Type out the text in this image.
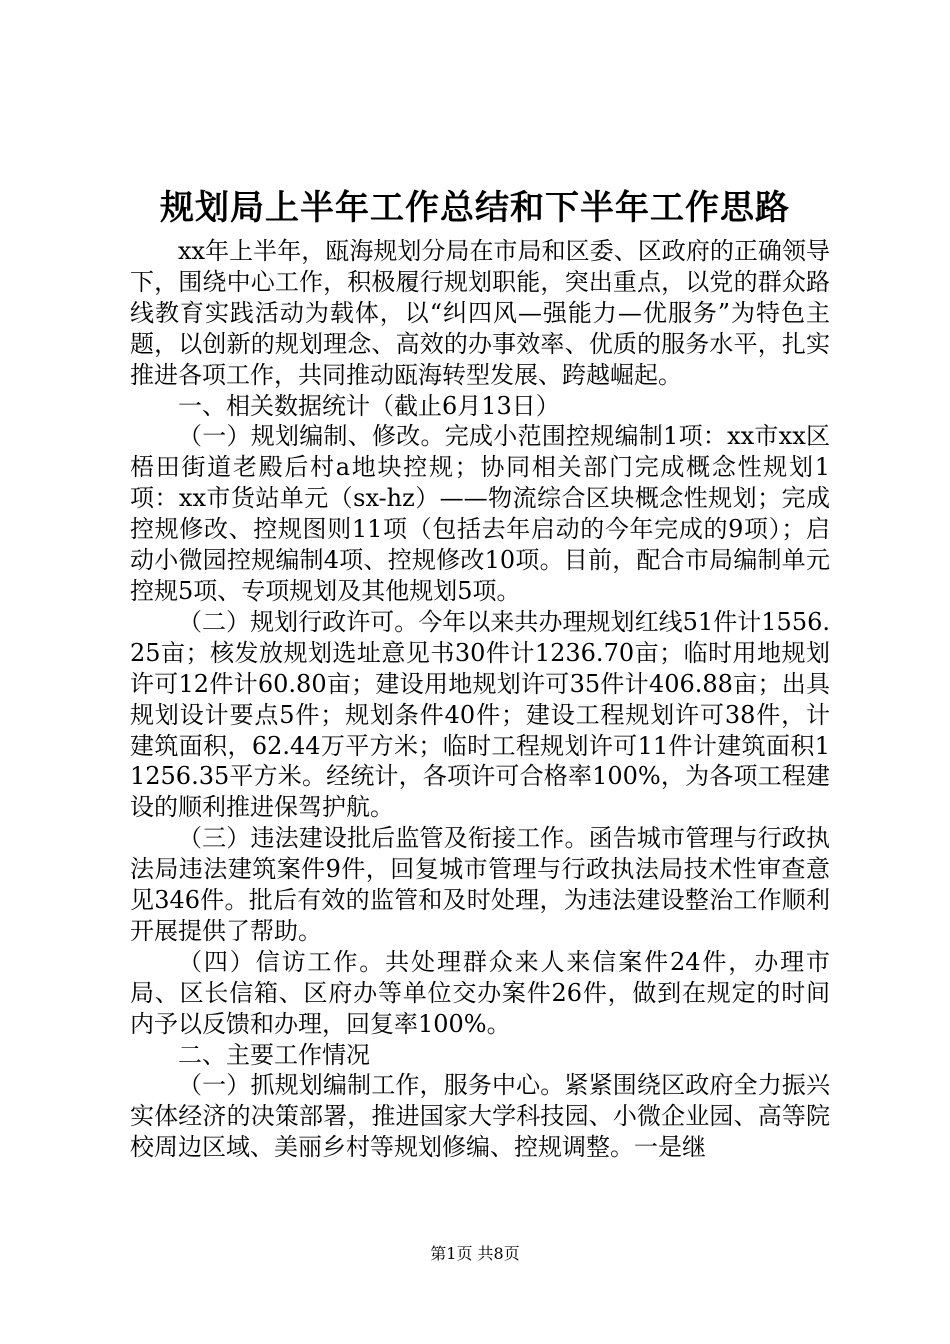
规划局上半年工作总结和下半年工作思路

xx年上半年，瓯海规划分局在市局和区委、区政府的正确领导下，围绕中心工作，积极履行规划职能，突出重点，以党的群众路线教育实践活动为载体，以“纠四风—强能力—优服务”为特色主题，以创新的规划理念、高效的办事效率、优质的服务水平，扎实推进各项工作，共同推动瓯海转型发展、跨越崛起。

一、相关数据统计（截止6月13日）

（一）规划编制、修改。完成小范围控规编制1项：xx市xx区梧田街道老殿后村a地块控规；协同相关部门完成概念性规划1项：xx市货站单元（sx-hz）——物流综合区块概念性规划；完成控规修改、控规图则11项（包括去年启动的今年完成的9项）；启动小微园控规编制4项、控规修改10项。目前，配合市局编制单元控规5项、专项规划及其他规划5项。

（二）规划行政许可。今年以来共办理规划红线51件计1556.25亩；核发放规划选址意见书30件计1236.70亩；临时用地规划许可12件计60.80亩；建设用地规划许可35件计406.88亩；出具规划设计要点5件；规划条件40件；建设工程规划许可38件，计建筑面积，62.44万平方米；临时工程规划许可11件计建筑面积11256.35平方米。经统计，各项许可合格率100%，为各项工程建设的顺利推进保驾护航。

（三）违法建设批后监管及衔接工作。函告城市管理与行政执法局违法建筑案件9件，回复城市管理与行政执法局技术性审查意见346件。批后有效的监管和及时处理，为违法建设整治工作顺利开展提供了帮助。

（四）信访工作。共处理群众来人来信案件24件，办理市局、区长信箱、区府办等单位交办案件26件，做到在规定的时间内予以反馈和办理，回复率100%。

二、主要工作情况

（一）抓规划编制工作，服务中心。紧紧围绕区政府全力振兴实体经济的决策部署，推进国家大学科技园、小微企业园、高等院校周边区域、美丽乡村等规划修编、控规调整。一是继

第1页 共8页
